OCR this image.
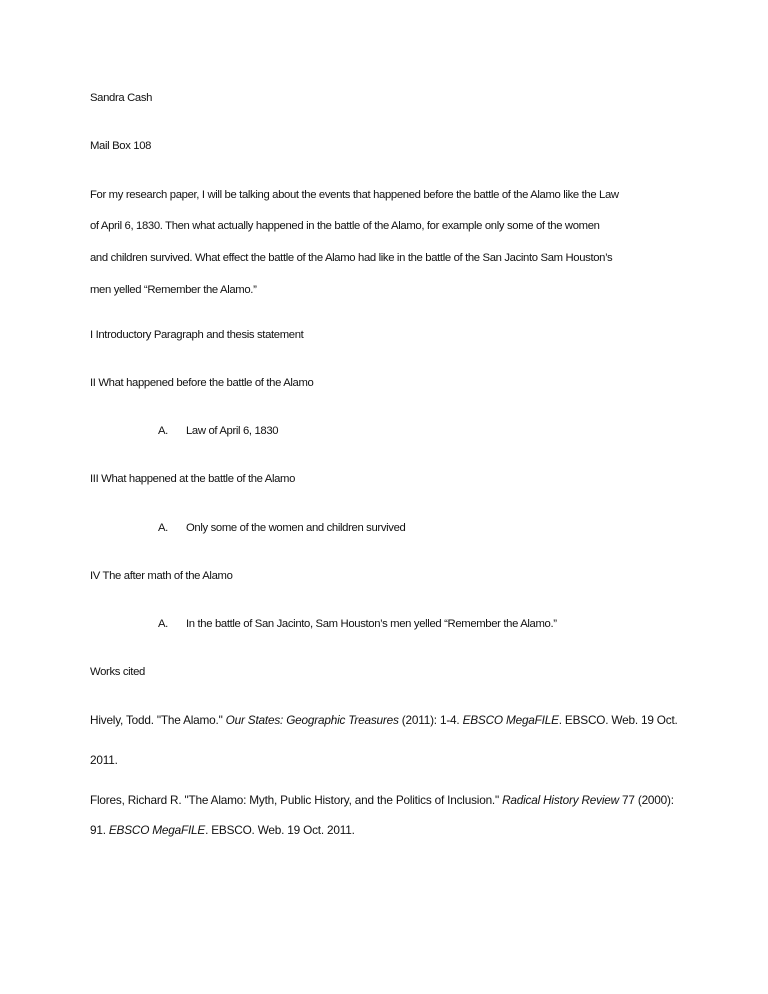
Sandra Cash
Mail Box 108
For my research paper, I will be talking about the events that happened before the battle of the Alamo like the Law
of April 6, 1830. Then what actually happened in the battle of the Alamo, for example only some of the women
and children survived. What effect the battle of the Alamo had like in the battle of the San Jacinto Sam Houston’s
men yelled “Remember the Alamo.”
I Introductory Paragraph and thesis statement
II What happened before the battle of the Alamo
A. Law of April 6, 1830
III What happened at the battle of the Alamo
A. Only some of the women and children survived
IV The after math of the Alamo
A. In the battle of San Jacinto, Sam Houston’s men yelled “Remember the Alamo.”
Works cited
Hively, Todd. "The Alamo." Our States: Geographic Treasures (2011): 1-4. EBSCO MegaFILE. EBSCO. Web. 19 Oct.
2011.
Flores, Richard R. "The Alamo: Myth, Public History, and the Politics of Inclusion." Radical History Review 77 (2000):
91. EBSCO MegaFILE. EBSCO. Web. 19 Oct. 2011.
